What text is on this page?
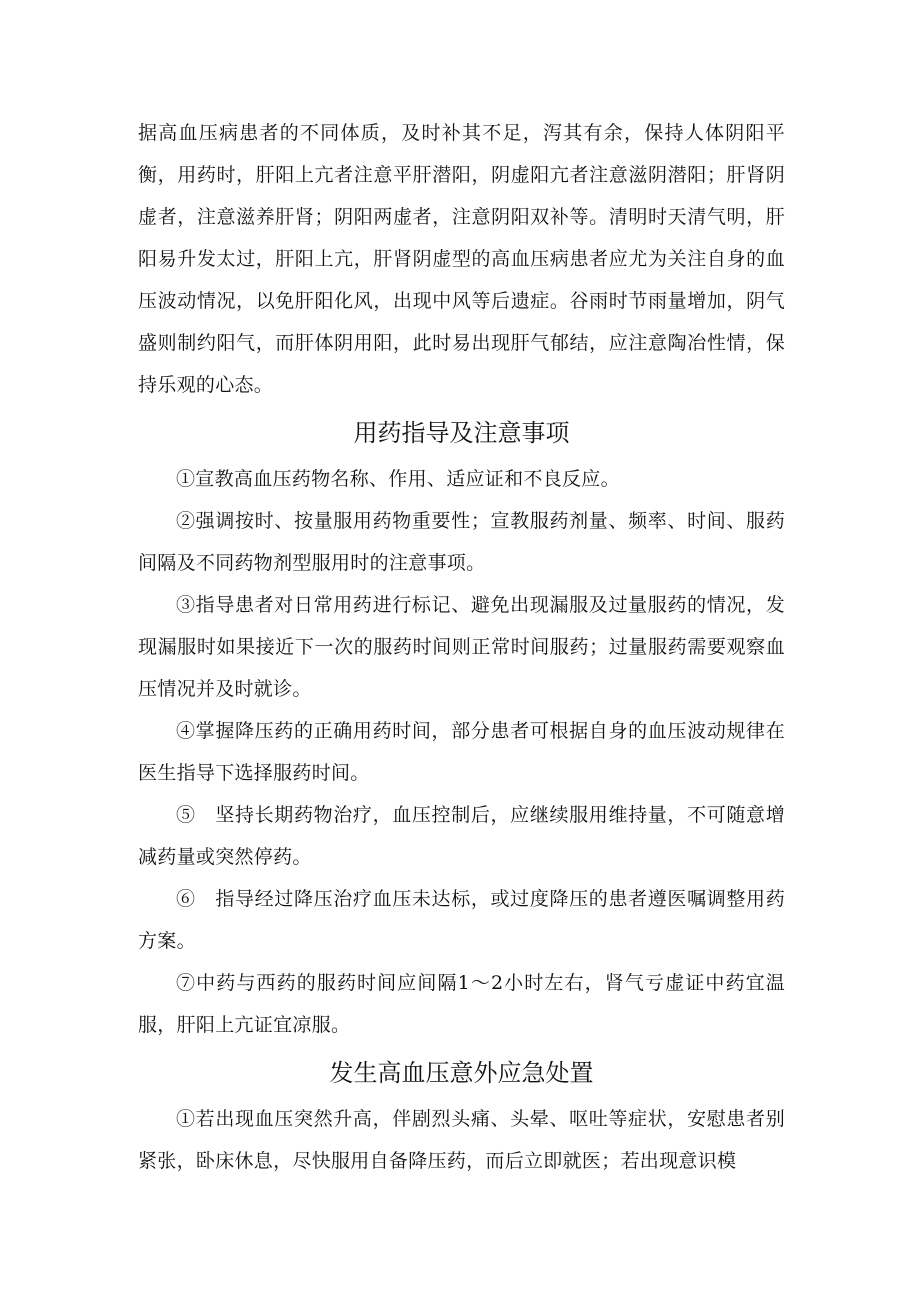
据高血压病患者的不同体质，及时补其不足，泻其有余，保持人体阴阳平衡，用药时，肝阳上亢者注意平肝潜阳，阴虚阳亢者注意滋阴潜阳；肝肾阴虚者，注意滋养肝肾；阴阳两虚者，注意阴阳双补等。清明时天清气明，肝阳易升发太过，肝阳上亢，肝肾阴虚型的高血压病患者应尤为关注自身的血压波动情况，以免肝阳化风，出现中风等后遗症。谷雨时节雨量增加，阴气盛则制约阳气，而肝体阴用阳，此时易出现肝气郁结，应注意陶冶性情，保持乐观的心态。

用药指导及注意事项

①宣教高血压药物名称、作用、适应证和不良反应。

②强调按时、按量服用药物重要性；宣教服药剂量、频率、时间、服药间隔及不同药物剂型服用时的注意事项。

③指导患者对日常用药进行标记、避免出现漏服及过量服药的情况，发现漏服时如果接近下一次的服药时间则正常时间服药；过量服药需要观察血压情况并及时就诊。

④掌握降压药的正确用药时间，部分患者可根据自身的血压波动规律在医生指导下选择服药时间。

⑤　坚持长期药物治疗，血压控制后，应继续服用维持量，不可随意增减药量或突然停药。

⑥　指导经过降压治疗血压未达标，或过度降压的患者遵医嘱调整用药方案。

⑦中药与西药的服药时间应间隔1～2小时左右，肾气亏虚证中药宜温服，肝阳上亢证宜凉服。

发生高血压意外应急处置

①若出现血压突然升高，伴剧烈头痛、头晕、呕吐等症状，安慰患者别紧张，卧床休息，尽快服用自备降压药，而后立即就医；若出现意识模
